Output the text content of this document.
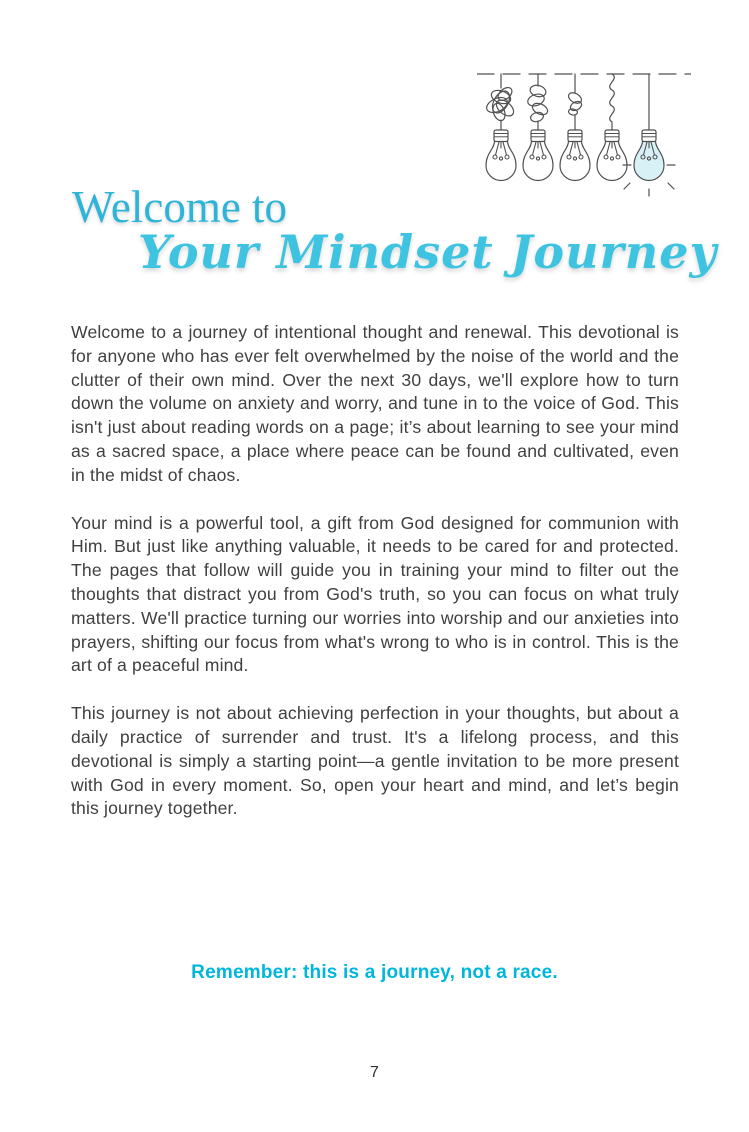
Welcome to
Your Mindset Journey

Welcome to a journey of intentional thought and renewal. This devotional is for anyone who has ever felt overwhelmed by the noise of the world and the clutter of their own mind. Over the next 30 days, we'll explore how to turn down the volume on anxiety and worry, and tune in to the voice of God. This isn't just about reading words on a page; it’s about learning to see your mind as a sacred space, a place where peace can be found and cultivated, even in the midst of chaos.

Your mind is a powerful tool, a gift from God designed for communion with Him. But just like anything valuable, it needs to be cared for and protected. The pages that follow will guide you in training your mind to filter out the thoughts that distract you from God's truth, so you can focus on what truly matters. We'll practice turning our worries into worship and our anxieties into prayers, shifting our focus from what's wrong to who is in control. This is the art of a peaceful mind.

This journey is not about achieving perfection in your thoughts, but about a daily practice of surrender and trust. It's a lifelong process, and this devotional is simply a starting point—a gentle invitation to be more present with God in every moment. So, open your heart and mind, and let’s begin this journey together.

Remember: this is a journey, not a race.
7
